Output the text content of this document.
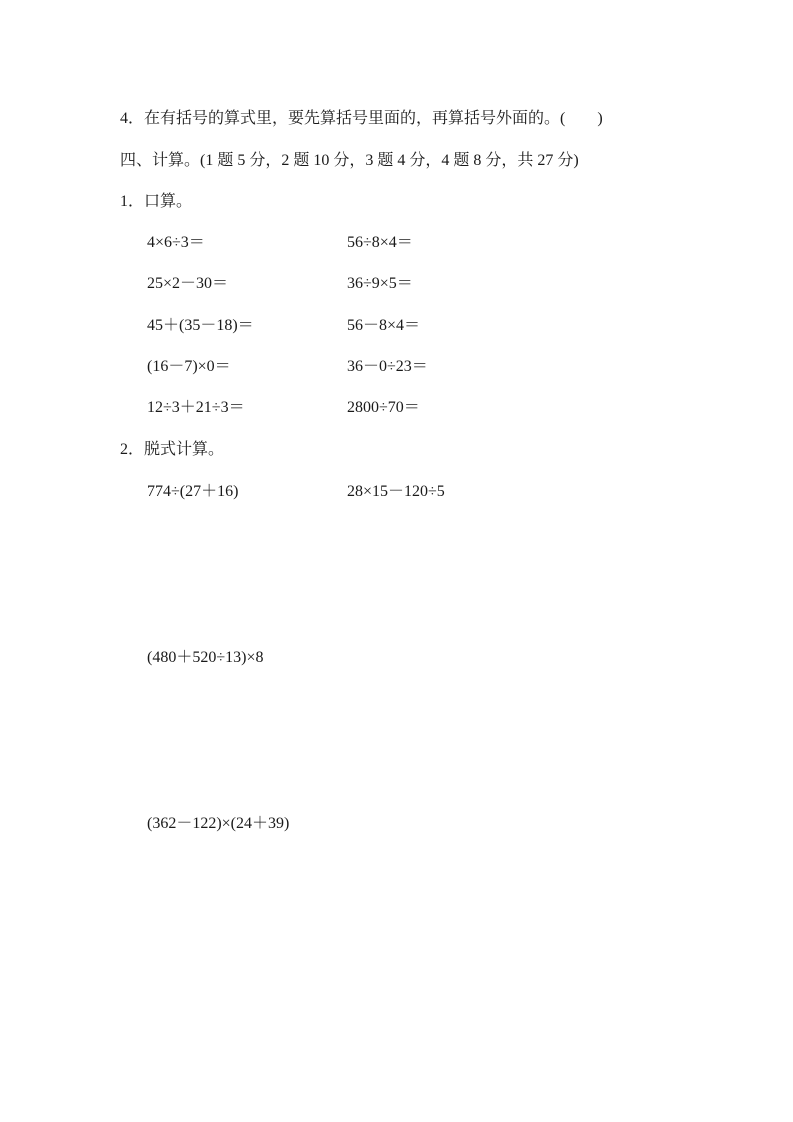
4．在有括号的算式里，要先算括号里面的，再算括号外面的。(　　)
四、计算。(1 题 5 分，2 题 10 分，3 题 4 分，4 题 8 分，共 27 分)
1．口算。
4×6÷3＝	56÷8×4＝
25×2－30＝	36÷9×5＝
45＋(35－18)＝	56－8×4＝
(16－7)×0＝	36－0÷23＝
12÷3＋21÷3＝	2800÷70＝
2．脱式计算。
774÷(27＋16)	28×15－120÷5
(480＋520÷13)×8
(362－122)×(24＋39)
